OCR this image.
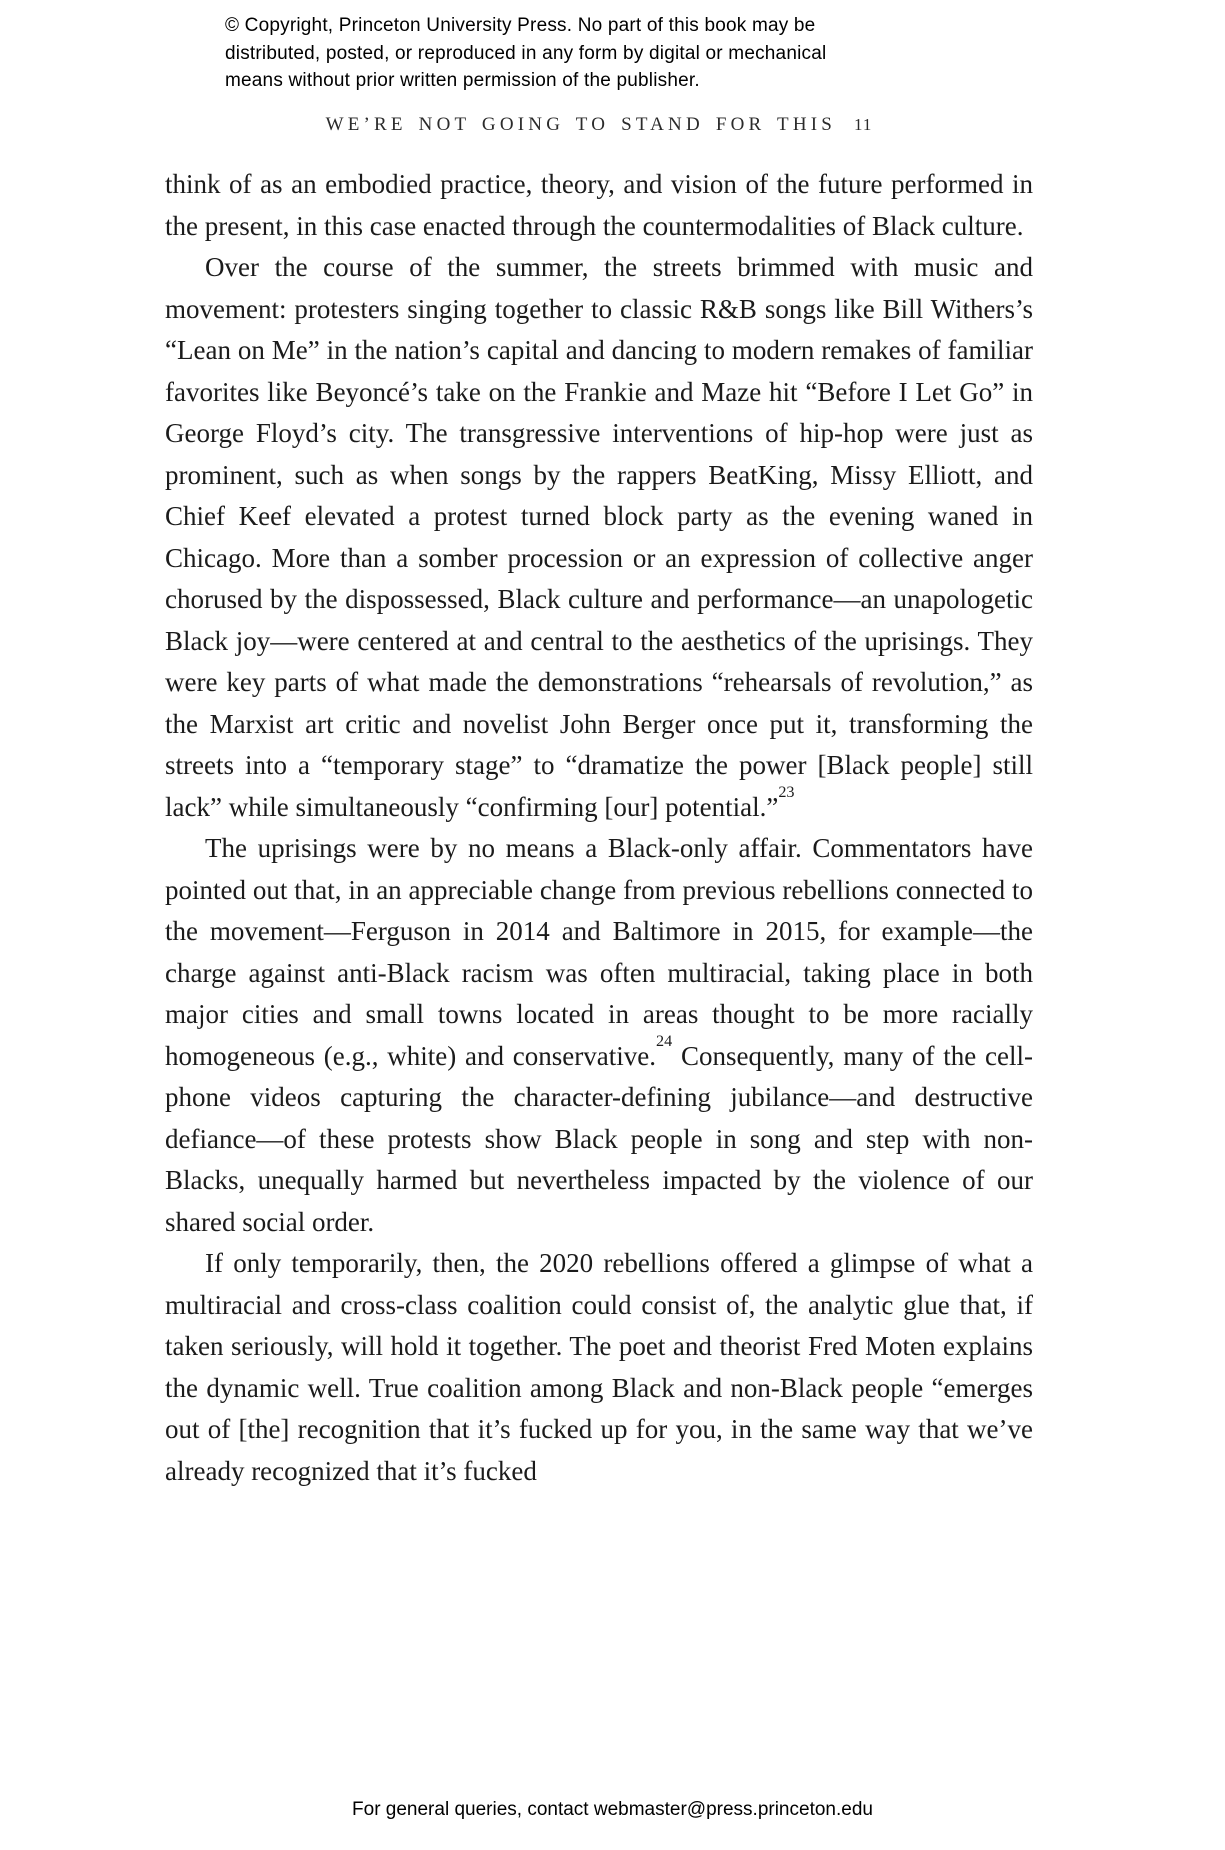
© Copyright, Princeton University Press. No part of this book may be
distributed, posted, or reproduced in any form by digital or mechanical
means without prior written permission of the publisher.
WE’RE NOT GOING TO STAND FOR THIS 11

think of as an embodied practice, theory, and vision of the future performed in the present, in this case enacted through the countermodalities of Black culture.

Over the course of the summer, the streets brimmed with music and movement: protesters singing together to classic R&B songs like Bill Withers’s “Lean on Me” in the nation’s capital and dancing to modern remakes of familiar favorites like Beyoncé’s take on the Frankie and Maze hit “Before I Let Go” in George Floyd’s city. The transgressive interventions of hip-hop were just as prominent, such as when songs by the rappers BeatKing, Missy Elliott, and Chief Keef elevated a protest turned block party as the evening waned in Chicago. More than a somber procession or an expression of collective anger chorused by the dispossessed, Black culture and performance—an unapologetic Black joy—were centered at and central to the aesthetics of the uprisings. They were key parts of what made the demonstrations “rehearsals of revolution,” as the Marxist art critic and novelist John Berger once put it, transforming the streets into a “temporary stage” to “dramatize the power [Black people] still lack” while simultaneously “confirming [our] potential.”$^{23}$

The uprisings were by no means a Black-only affair. Commentators have pointed out that, in an appreciable change from previous rebellions connected to the movement—Ferguson in 2014 and Baltimore in 2015, for example—the charge against anti-Black racism was often multiracial, taking place in both major cities and small towns located in areas thought to be more racially homogeneous (e.g., white) and conservative.$^{24}$ Consequently, many of the cell-phone videos capturing the character-defining jubilance—and destructive defiance—of these protests show Black people in song and step with non-Blacks, unequally harmed but nevertheless impacted by the violence of our shared social order.

If only temporarily, then, the 2020 rebellions offered a glimpse of what a multiracial and cross-class coalition could consist of, the analytic glue that, if taken seriously, will hold it together. The poet and theorist Fred Moten explains the dynamic well. True coalition among Black and non-Black people “emerges out of [the] recognition that it’s fucked up for you, in the same way that we’ve already recognized that it’s fucked

For general queries, contact webmaster@press.princeton.edu
